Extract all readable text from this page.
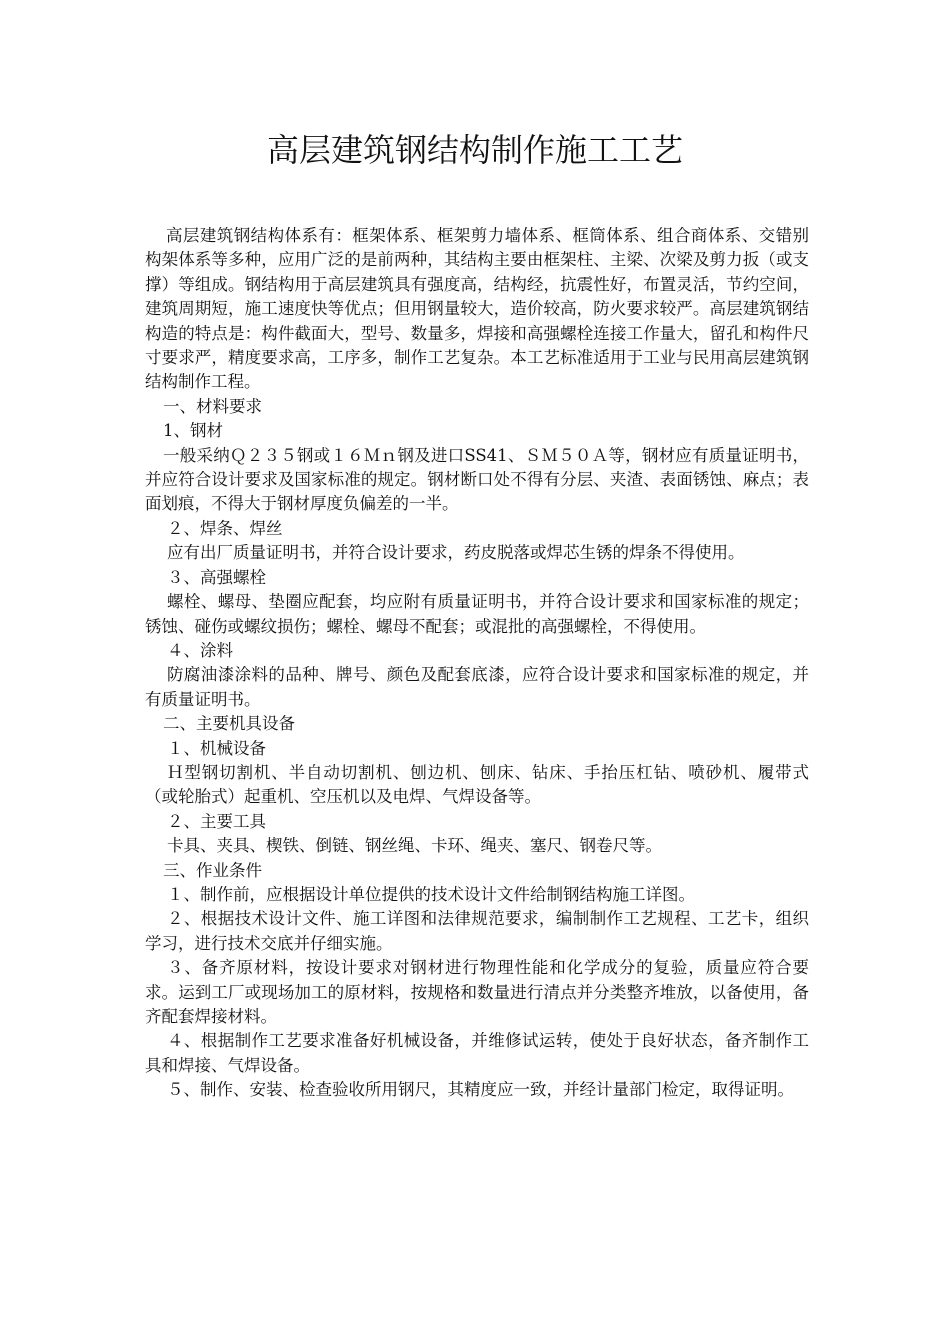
高层建筑钢结构制作施工工艺

高层建筑钢结构体系有：框架体系、框架剪力墙体系、框筒体系、组合商体系、交错别构架体系等多种，应用广泛的是前两种，其结构主要由框架柱、主梁、次梁及剪力扳（或支撑）等组成。钢结构用于高层建筑具有强度高，结构经，抗震性好，布置灵活，节约空间，建筑周期短，施工速度快等优点；但用钢量较大，造价较高，防火要求较严。高层建筑钢结构造的特点是：构件截面大，型号、数量多，焊接和高强螺栓连接工作量大，留孔和构件尺寸要求严，精度要求高，工序多，制作工艺复杂。本工艺标准适用于工业与民用高层建筑钢结构制作工程。

一、材料要求

1、钢材

一般采纳Ｑ２３５钢或１６Ｍｎ钢及进口SS41、ＳＭ５０Ａ等，钢材应有质量证明书，并应符合设计要求及国家标准的规定。钢材断口处不得有分层、夹渣、表面锈蚀、麻点；表面划痕，不得大于钢材厚度负偏差的一半。

２、焊条、焊丝

应有出厂质量证明书，并符合设计要求，药皮脱落或焊芯生锈的焊条不得使用。

３、高强螺栓

螺栓、螺母、垫圈应配套，均应附有质量证明书，并符合设计要求和国家标准的规定；锈蚀、碰伤或螺纹损伤；螺栓、螺母不配套；或混批的高强螺栓，不得使用。

４、涂料

防腐油漆涂料的品种、牌号、颜色及配套底漆，应符合设计要求和国家标准的规定，并有质量证明书。

二、主要机具设备

１、机械设备

Ｈ型钢切割机、半自动切割机、刨边机、刨床、钻床、手抬压杠钻、喷砂机、履带式（或轮胎式）起重机、空压机以及电焊、气焊设备等。

２、主要工具

卡具、夹具、楔铁、倒链、钢丝绳、卡环、绳夹、塞尺、钢卷尺等。

三、作业条件

１、制作前，应根据设计单位提供的技术设计文件给制钢结构施工详图。

２、根据技术设计文件、施工详图和法律规范要求，编制制作工艺规程、工艺卡，组织学习，进行技术交底并仔细实施。

３、备齐原材料，按设计要求对钢材进行物理性能和化学成分的复验，质量应符合要求。运到工厂或现场加工的原材料，按规格和数量进行清点并分类整齐堆放，以备使用，备齐配套焊接材料。

４、根据制作工艺要求准备好机械设备，并维修试运转，使处于良好状态，备齐制作工具和焊接、气焊设备。

５、制作、安装、检查验收所用钢尺，其精度应一致，并经计量部门检定，取得证明。
